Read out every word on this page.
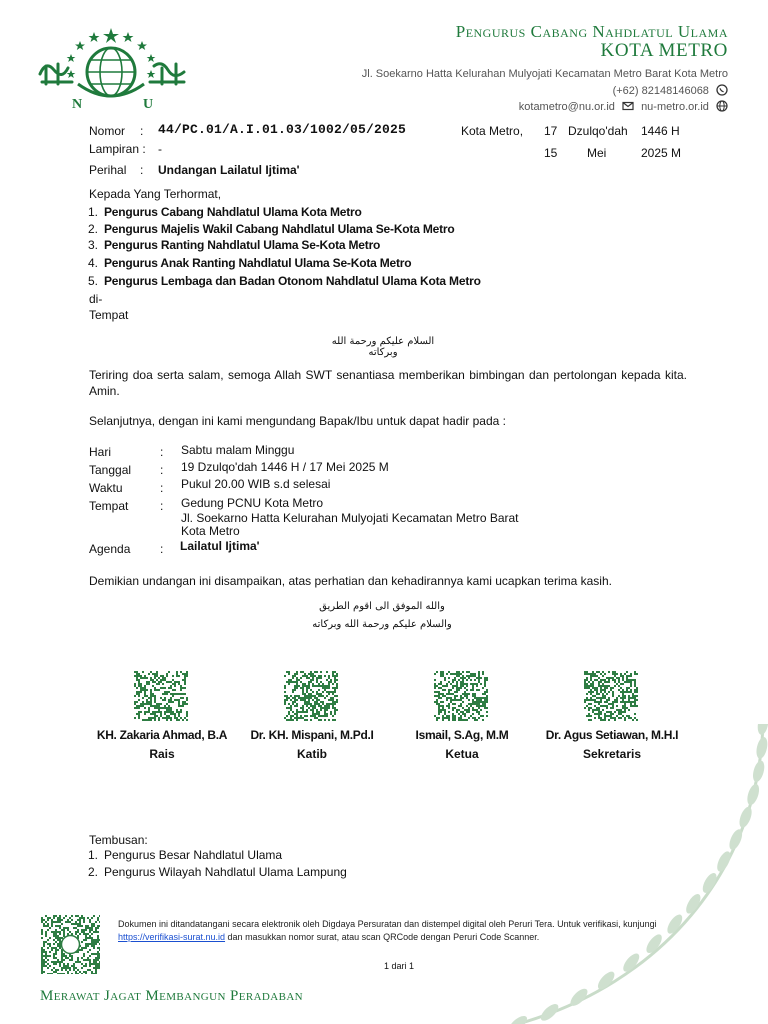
N	U
Pengurus Cabang Nahdlatul Ulama
KOTA METRO
Jl. Soekarno Hatta Kelurahan Mulyojati Kecamatan Metro Barat Kota Metro
(+62) 82148146068
kotametro@nu.or.id nu-metro.or.id
Nomor : 44/PC.01/A.I.01.03/1002/05/2025
Lampiran : -
Perihal : Undangan Lailatul Ijtima'
Kota Metro, 17 Dzulqo'dah 1446 H
15 Mei	2025 M
Kepada Yang Terhormat,
1. Pengurus Cabang Nahdlatul Ulama Kota Metro
2. Pengurus Majelis Wakil Cabang Nahdlatul Ulama Se-Kota Metro
3. Pengurus Ranting Nahdlatul Ulama Se-Kota Metro
4. Pengurus Anak Ranting Nahdlatul Ulama Se-Kota Metro
5. Pengurus Lembaga dan Badan Otonom Nahdlatul Ulama Kota Metro
di-
Tempat
السلام عليكم ورحمة الله وبركاته
Teriring doa serta salam, semoga Allah SWT senantiasa memberikan bimbingan dan pertolongan kepada kita. Amin.
Selanjutnya, dengan ini kami mengundang Bapak/Ibu untuk dapat hadir pada :
Hari	: Sabtu malam Minggu
Tanggal : 19 Dzulqo'dah 1446 H / 17 Mei 2025 M
Waktu	: Pukul 20.00 WIB s.d selesai
Tempat	: Gedung PCNU Kota Metro
Jl. Soekarno Hatta Kelurahan Mulyojati Kecamatan Metro Barat
Kota Metro
Agenda : Lailatul Ijtima'
Demikian undangan ini disampaikan, atas perhatian dan kehadirannya kami ucapkan terima kasih.
والله الموفق الى اقوم الطريق
والسلام عليكم ورحمة الله وبركاته
KH. Zakaria Ahmad, B.A
Rais
Dr. KH. Mispani, M.Pd.I
Katib
Ismail, S.Ag, M.M
Ketua
Dr. Agus Setiawan, M.H.I
Sekretaris
Tembusan:
1. Pengurus Besar Nahdlatul Ulama
2. Pengurus Wilayah Nahdlatul Ulama Lampung
Dokumen ini ditandatangani secara elektronik oleh Digdaya Persuratan dan distempel digital oleh Peruri Tera. Untuk verifikasi, kunjungi https://verifikasi-surat.nu.id dan masukkan nomor surat, atau scan QRCode dengan Peruri Code Scanner.
1 dari 1
Merawat Jagat Membangun Peradaban
